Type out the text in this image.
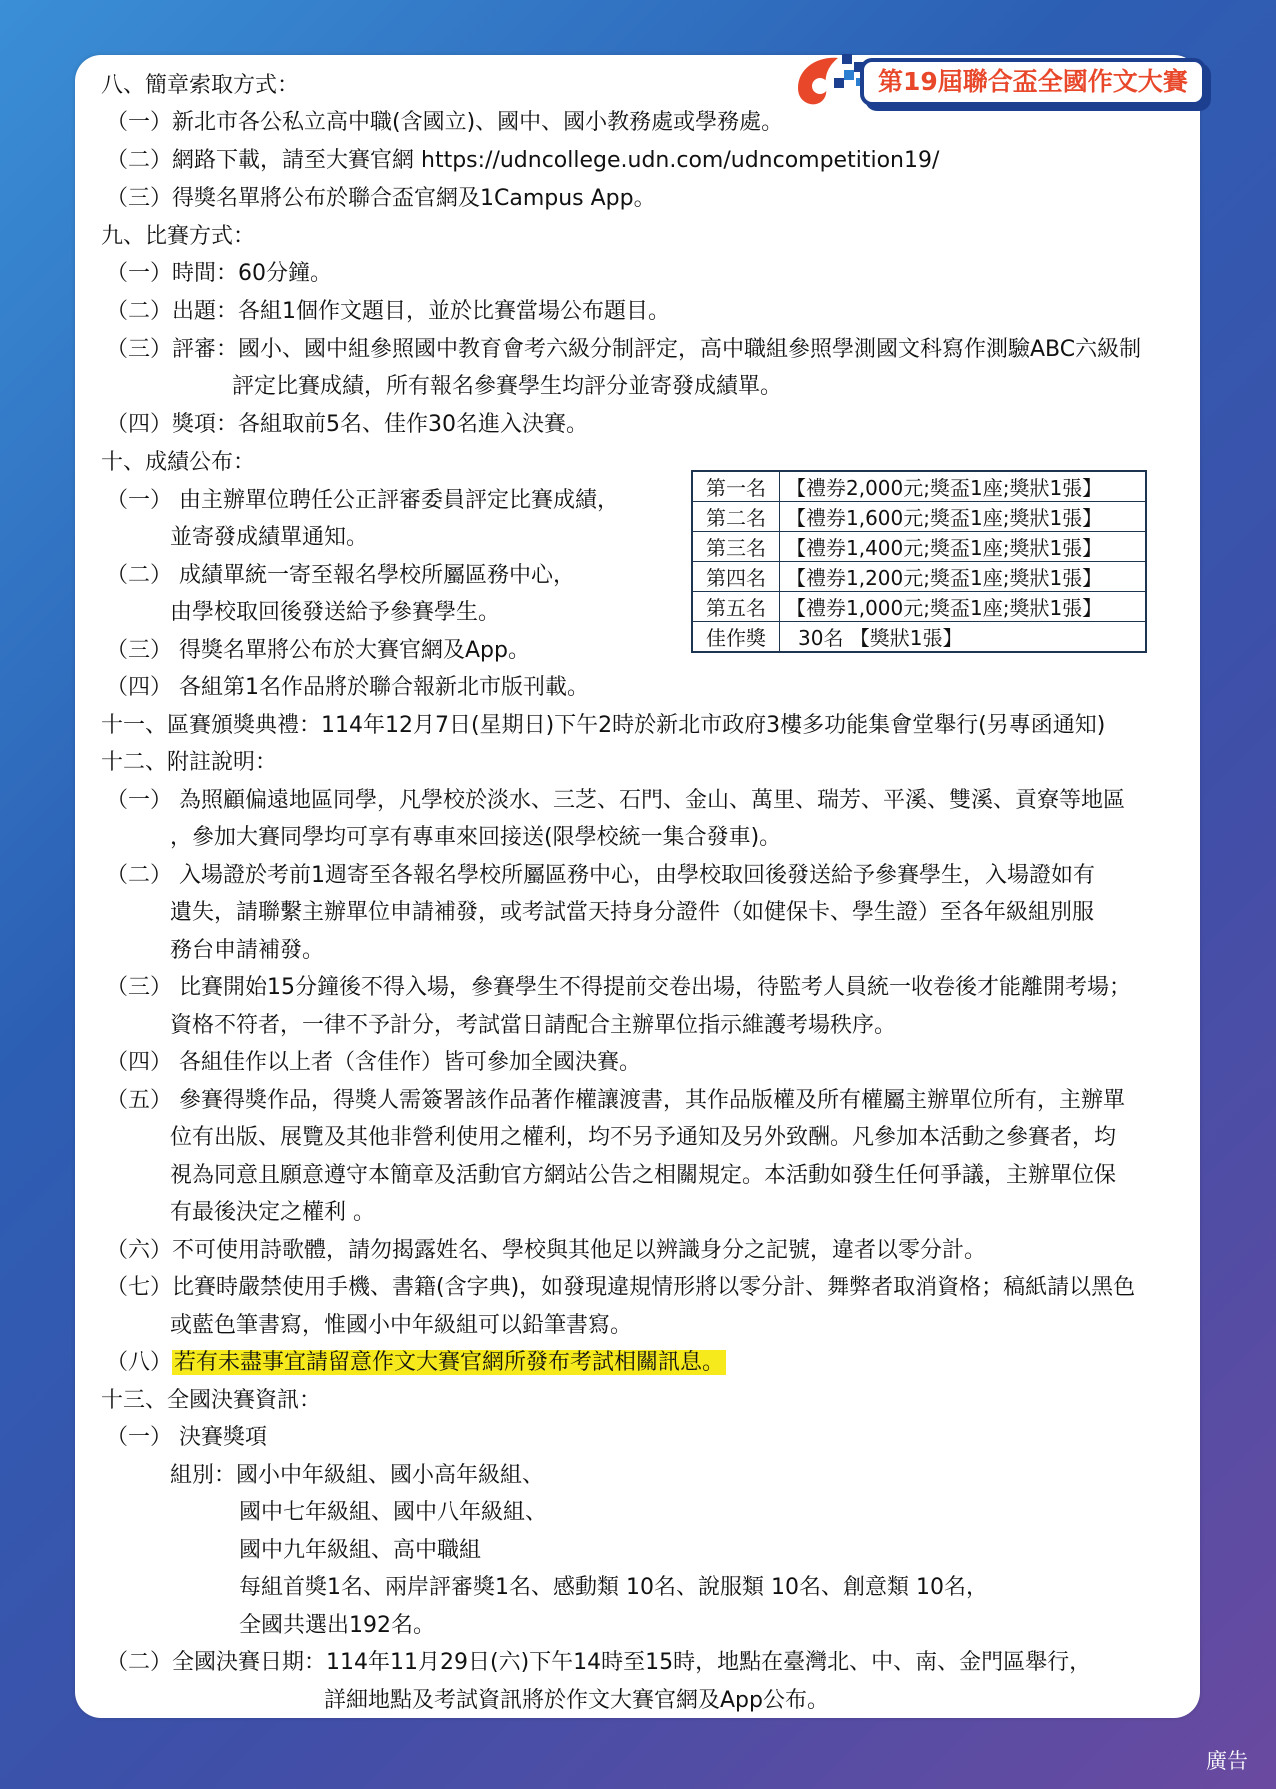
第19屆聯合盃全國作文大賽
八、簡章索取方式：
（一）新北市各公私立高中職(含國立)、國中、國小教務處或學務處。
（二）網路下載，請至大賽官網 https://udncollege.udn.com/udncompetition19/
（三）得獎名單將公布於聯合盃官網及1Campus App。
九、比賽方式：
（一）時間：60分鐘。
（二）出題：各組1個作文題目，並於比賽當場公布題目。
（三）評審：國小、國中組參照國中教育會考六級分制評定，高中職組參照學測國文科寫作測驗ABC六級制
評定比賽成績，所有報名參賽學生均評分並寄發成績單。
（四）獎項：各組取前5名、佳作30名進入決賽。
十、成績公布：
（一） 由主辦單位聘任公正評審委員評定比賽成績，
並寄發成績單通知。
（二） 成績單統一寄至報名學校所屬區務中心，
由學校取回後發送給予參賽學生。
（三） 得獎名單將公布於大賽官網及App。
（四） 各組第1名作品將於聯合報新北市版刊載。
第一名	【禮券2,000元;獎盃1座;獎狀1張】
第二名	【禮券1,600元;獎盃1座;獎狀1張】
第三名	【禮券1,400元;獎盃1座;獎狀1張】
第四名	【禮券1,200元;獎盃1座;獎狀1張】
第五名	【禮券1,000元;獎盃1座;獎狀1張】
佳作獎	30名 【獎狀1張】
十一、區賽頒獎典禮：114年12月7日(星期日)下午2時於新北市政府3樓多功能集會堂舉行(另專函通知)
十二、附註說明：
（一） 為照顧偏遠地區同學，凡學校於淡水、三芝、石門、金山、萬里、瑞芳、平溪、雙溪、貢寮等地區
，參加大賽同學均可享有專車來回接送(限學校統一集合發車)。
（二） 入場證於考前1週寄至各報名學校所屬區務中心，由學校取回後發送給予參賽學生，入場證如有
遺失，請聯繫主辦單位申請補發，或考試當天持身分證件（如健保卡、學生證）至各年級組別服
務台申請補發。
（三） 比賽開始15分鐘後不得入場，參賽學生不得提前交卷出場，待監考人員統一收卷後才能離開考場；
資格不符者，一律不予計分，考試當日請配合主辦單位指示維護考場秩序。
（四） 各組佳作以上者（含佳作）皆可參加全國決賽。
（五） 參賽得獎作品，得獎人需簽署該作品著作權讓渡書，其作品版權及所有權屬主辦單位所有，主辦單
位有出版、展覽及其他非營利使用之權利，均不另予通知及另外致酬。凡參加本活動之參賽者，均
視為同意且願意遵守本簡章及活動官方網站公告之相關規定。本活動如發生任何爭議，主辦單位保
有最後決定之權利 。
（六）不可使用詩歌體，請勿揭露姓名、學校與其他足以辨識身分之記號，違者以零分計。
（七）比賽時嚴禁使用手機、書籍(含字典)，如發現違規情形將以零分計、舞弊者取消資格；稿紙請以黑色
或藍色筆書寫，惟國小中年級組可以鉛筆書寫。
（八）若有未盡事宜請留意作文大賽官網所發布考試相關訊息。
十三、全國決賽資訊：
（一） 決賽獎項
組別：國小中年級組、國小高年級組、
國中七年級組、國中八年級組、
國中九年級組、高中職組
每組首獎1名、兩岸評審獎1名、感動類 10名、說服類 10名、創意類 10名，
全國共選出192名。
（二）全國決賽日期：114年11月29日(六)下午14時至15時，地點在臺灣北、中、南、金門區舉行，
詳細地點及考試資訊將於作文大賽官網及App公布。
廣告
